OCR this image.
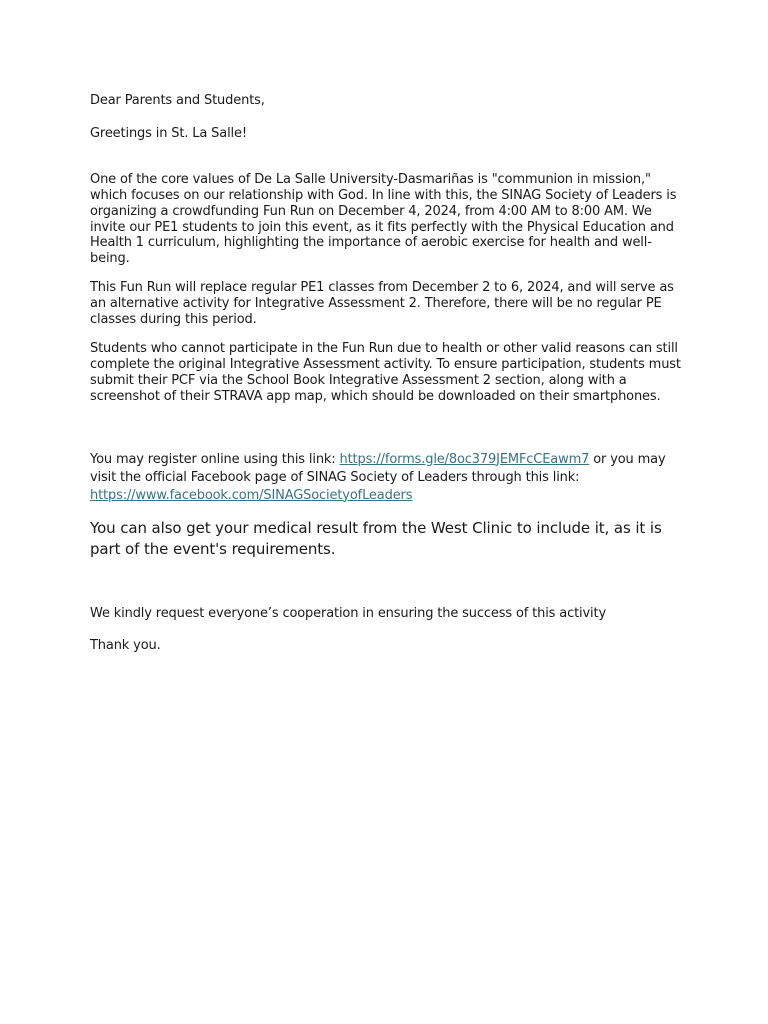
Dear Parents and Students,

Greetings in St. La Salle!

One of the core values of De La Salle University-Dasmariñas is "communion in mission," which focuses on our relationship with God. In line with this, the SINAG Society of Leaders is organizing a crowdfunding Fun Run on December 4, 2024, from 4:00 AM to 8:00 AM. We invite our PE1 students to join this event, as it fits perfectly with the Physical Education and Health 1 curriculum, highlighting the importance of aerobic exercise for health and well-being.

This Fun Run will replace regular PE1 classes from December 2 to 6, 2024, and will serve as an alternative activity for Integrative Assessment 2. Therefore, there will be no regular PE classes during this period.

Students who cannot participate in the Fun Run due to health or other valid reasons can still complete the original Integrative Assessment activity. To ensure participation, students must submit their PCF via the School Book Integrative Assessment 2 section, along with a screenshot of their STRAVA app map, which should be downloaded on their smartphones.

You may register online using this link: https://forms.gle/8oc379JEMFcCEawm7 or you may visit the official Facebook page of SINAG Society of Leaders through this link: https://www.facebook.com/SINAGSocietyofLeaders

You can also get your medical result from the West Clinic to include it, as it is part of the event's requirements.

We kindly request everyone’s cooperation in ensuring the success of this activity

Thank you.
